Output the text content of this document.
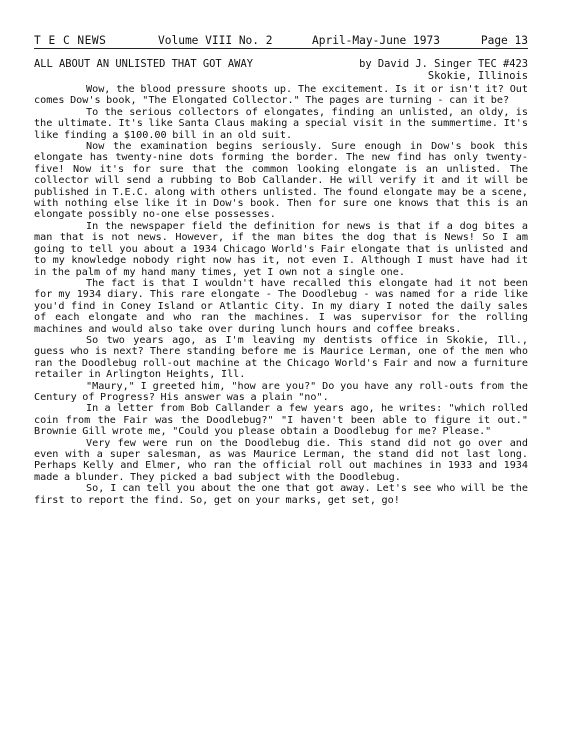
T E C NEWS

	Volume VIII No. 2

	April-May-June 1973

	Page 13

ALL ABOUT AN UNLISTED THAT GOT AWAY	by David J. Singer TEC #423
Skokie, Illinois

Wow, the blood pressure shoots up. The excitement. Is it or isn't it? Out comes Dow's book, "The Elongated Collector." The pages are turning - can it be?

To the serious collectors of elongates, finding an unlisted, an oldy, is the ultimate. It's like Santa Claus making a special visit in the summertime. It's like finding a $100.00 bill in an old suit.

Now the examination begins seriously. Sure enough in Dow's book this elongate has twenty-nine dots forming the border. The new find has only twenty-five! Now it's for sure that the common looking elongate is an unlisted. The collector will send a rubbing to Bob Callander. He will verify it and it will be published in T.E.C. along with others unlisted. The found elongate may be a scene, with nothing else like it in Dow's book. Then for sure one knows that this is an elongate possibly no-one else possesses.

In the newspaper field the definition for news is that if a dog bites a man that is not news. However, if the man bites the dog that is News! So I am going to tell you about a 1934 Chicago World's Fair elongate that is unlisted and to my knowledge nobody right now has it, not even I. Although I must have had it in the palm of my hand many times, yet I own not a single one.

The fact is that I wouldn't have recalled this elongate had it not been for my 1934 diary. This rare elongate - The Doodlebug - was named for a ride like you'd find in Coney Island or Atlantic City. In my diary I noted the daily sales of each elongate and who ran the machines. I was supervisor for the rolling machines and would also take over during lunch hours and coffee breaks.

So two years ago, as I'm leaving my dentists office in Skokie, Ill., guess who is next? There standing before me is Maurice Lerman, one of the men who ran the Doodlebug roll-out machine at the Chicago World's Fair and now a furniture retailer in Arlington Heights, Ill.

"Maury," I greeted him, "how are you?" Do you have any roll-outs from the Century of Progress? His answer was a plain "no".

In a letter from Bob Callander a few years ago, he writes: "which rolled coin from the Fair was the Doodlebug?" "I haven't been able to figure it out." Brownie Gill wrote me, "Could you please obtain a Doodlebug for me? Please."

Very few were run on the Doodlebug die. This stand did not go over and even with a super salesman, as was Maurice Lerman, the stand did not last long. Perhaps Kelly and Elmer, who ran the official roll out machines in 1933 and 1934 made a blunder. They picked a bad subject with the Doodlebug.

So, I can tell you about the one that got away. Let's see who will be the first to report the find. So, get on your marks, get set, go!
